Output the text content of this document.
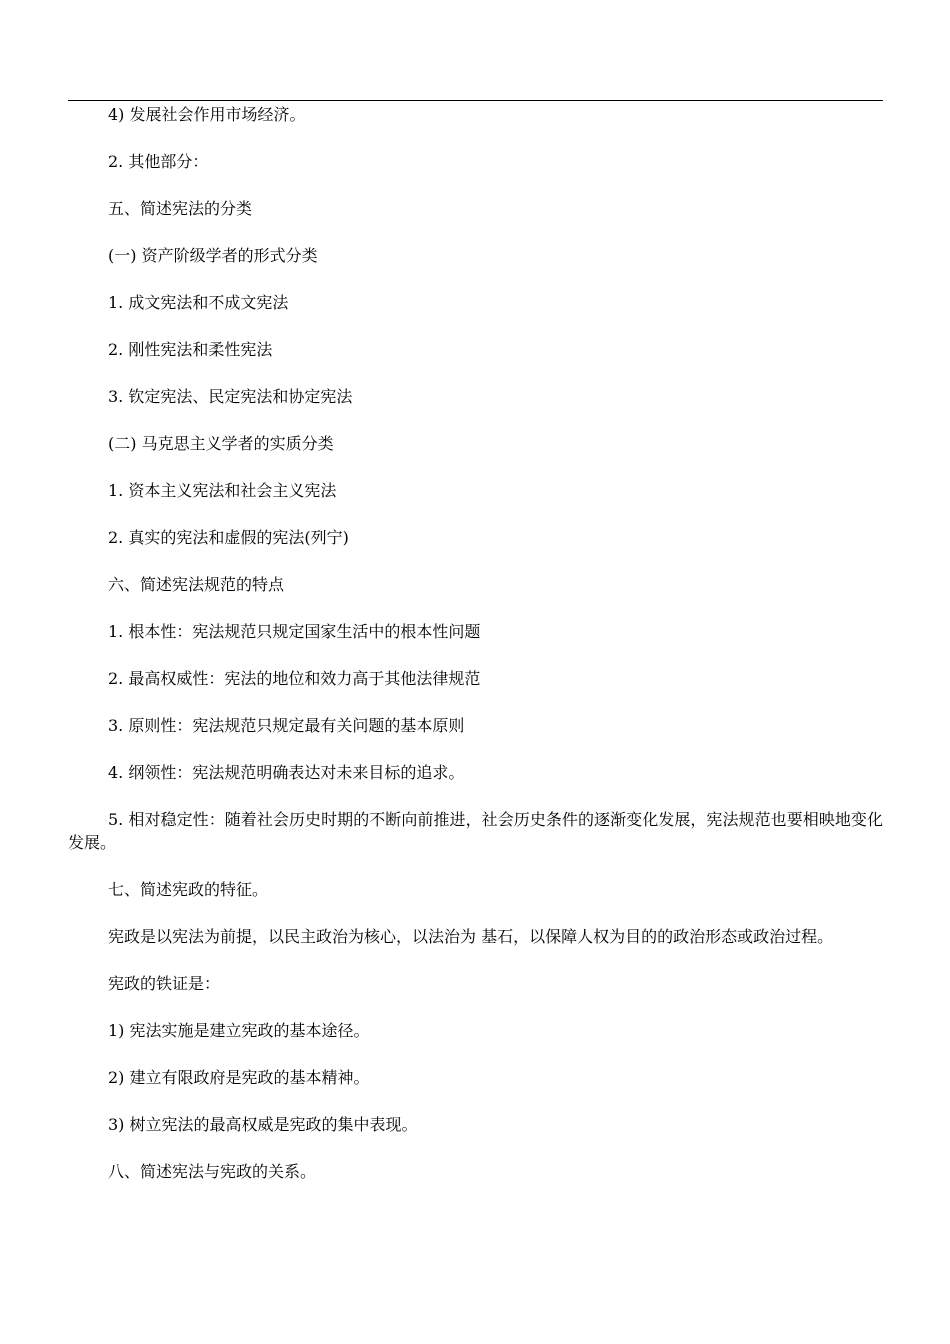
4) 发展社会作用市场经济。

2. 其他部分：

五、简述宪法的分类

(一) 资产阶级学者的形式分类

1. 成文宪法和不成文宪法

2. 刚性宪法和柔性宪法

3. 钦定宪法、民定宪法和协定宪法

(二) 马克思主义学者的实质分类

1. 资本主义宪法和社会主义宪法

2. 真实的宪法和虚假的宪法(列宁)

六、简述宪法规范的特点

1. 根本性：宪法规范只规定国家生活中的根本性问题

2. 最高权威性：宪法的地位和效力高于其他法律规范

3. 原则性：宪法规范只规定最有关问题的基本原则

4. 纲领性：宪法规范明确表达对未来目标的追求。

5. 相对稳定性：随着社会历史时期的不断向前推进，社会历史条件的逐渐变化发展，宪法规范也要相映地变化发展。

七、简述宪政的特征。

宪政是以宪法为前提，以民主政治为核心，以法治为 基石，以保障人权为目的的政治形态或政治过程。

宪政的铁证是：

1) 宪法实施是建立宪政的基本途径。

2) 建立有限政府是宪政的基本精神。

3) 树立宪法的最高权威是宪政的集中表现。

八、简述宪法与宪政的关系。
